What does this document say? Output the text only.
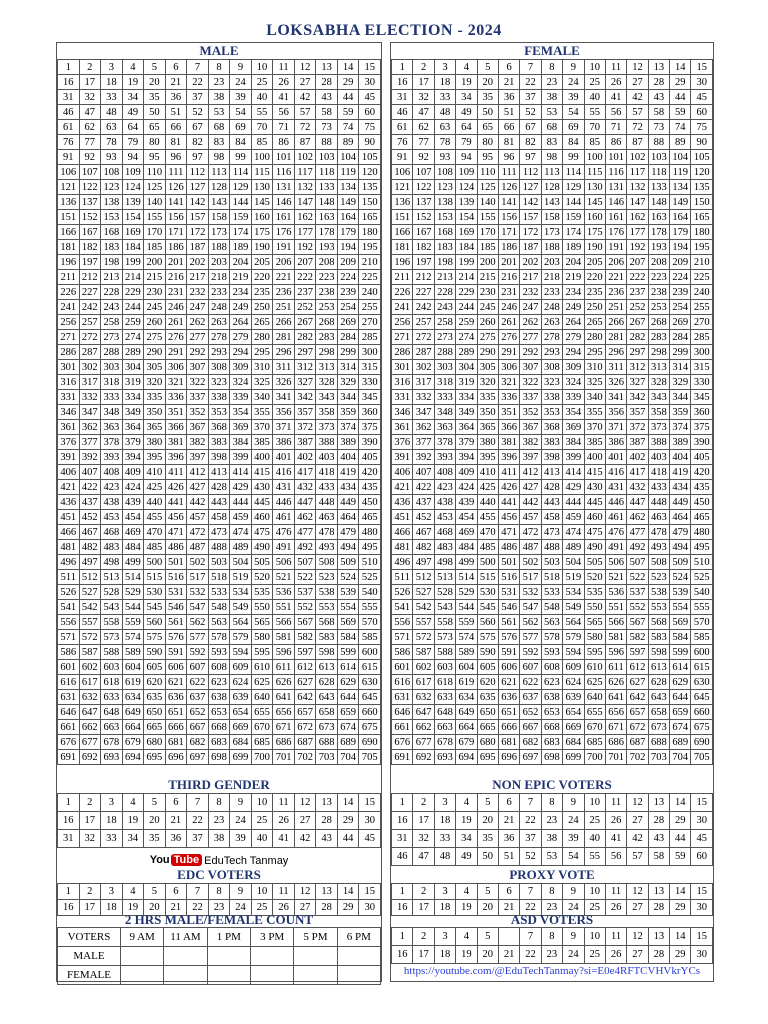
LOKSABHA ELECTION - 2024
MALE
1	2	3	4	5	6	7	8	9	10	11	12	13	14	15
16	17	18	19	20	21	22	23	24	25	26	27	28	29	30
31	32	33	34	35	36	37	38	39	40	41	42	43	44	45
46	47	48	49	50	51	52	53	54	55	56	57	58	59	60
61	62	63	64	65	66	67	68	69	70	71	72	73	74	75
76	77	78	79	80	81	82	83	84	85	86	87	88	89	90
91	92	93	94	95	96	97	98	99	100	101	102	103	104	105
106	107	108	109	110	111	112	113	114	115	116	117	118	119	120
121	122	123	124	125	126	127	128	129	130	131	132	133	134	135
136	137	138	139	140	141	142	143	144	145	146	147	148	149	150
151	152	153	154	155	156	157	158	159	160	161	162	163	164	165
166	167	168	169	170	171	172	173	174	175	176	177	178	179	180
181	182	183	184	185	186	187	188	189	190	191	192	193	194	195
196	197	198	199	200	201	202	203	204	205	206	207	208	209	210
211	212	213	214	215	216	217	218	219	220	221	222	223	224	225
226	227	228	229	230	231	232	233	234	235	236	237	238	239	240
241	242	243	244	245	246	247	248	249	250	251	252	253	254	255
256	257	258	259	260	261	262	263	264	265	266	267	268	269	270
271	272	273	274	275	276	277	278	279	280	281	282	283	284	285
286	287	288	289	290	291	292	293	294	295	296	297	298	299	300
301	302	303	304	305	306	307	308	309	310	311	312	313	314	315
316	317	318	319	320	321	322	323	324	325	326	327	328	329	330
331	332	333	334	335	336	337	338	339	340	341	342	343	344	345
346	347	348	349	350	351	352	353	354	355	356	357	358	359	360
361	362	363	364	365	366	367	368	369	370	371	372	373	374	375
376	377	378	379	380	381	382	383	384	385	386	387	388	389	390
391	392	393	394	395	396	397	398	399	400	401	402	403	404	405
406	407	408	409	410	411	412	413	414	415	416	417	418	419	420
421	422	423	424	425	426	427	428	429	430	431	432	433	434	435
436	437	438	439	440	441	442	443	444	445	446	447	448	449	450
451	452	453	454	455	456	457	458	459	460	461	462	463	464	465
466	467	468	469	470	471	472	473	474	475	476	477	478	479	480
481	482	483	484	485	486	487	488	489	490	491	492	493	494	495
496	497	498	499	500	501	502	503	504	505	506	507	508	509	510
511	512	513	514	515	516	517	518	519	520	521	522	523	524	525
526	527	528	529	530	531	532	533	534	535	536	537	538	539	540
541	542	543	544	545	546	547	548	549	550	551	552	553	554	555
556	557	558	559	560	561	562	563	564	565	566	567	568	569	570
571	572	573	574	575	576	577	578	579	580	581	582	583	584	585
586	587	588	589	590	591	592	593	594	595	596	597	598	599	600
601	602	603	604	605	606	607	608	609	610	611	612	613	614	615
616	617	618	619	620	621	622	623	624	625	626	627	628	629	630
631	632	633	634	635	636	637	638	639	640	641	642	643	644	645
646	647	648	649	650	651	652	653	654	655	656	657	658	659	660
661	662	663	664	665	666	667	668	669	670	671	672	673	674	675
676	677	678	679	680	681	682	683	684	685	686	687	688	689	690
691	692	693	694	695	696	697	698	699	700	701	702	703	704	705
THIRD GENDER
1	2	3	4	5	6	7	8	9	10	11	12	13	14	15
16	17	18	19	20	21	22	23	24	25	26	27	28	29	30
31	32	33	34	35	36	37	38	39	40	41	42	43	44	45
You Tube EduTech Tanmay
EDC VOTERS
1	2	3	4	5	6	7	8	9	10	11	12	13	14	15
16	17	18	19	20	21	22	23	24	25	26	27	28	29	30
2 HRS MALE/FEMALE COUNT
VOTERS	9 AM	11 AM	1 PM	3 PM	5 PM	6 PM
MALE						
FEMALE						
FEMALE
1	2	3	4	5	6	7	8	9	10	11	12	13	14	15
16	17	18	19	20	21	22	23	24	25	26	27	28	29	30
31	32	33	34	35	36	37	38	39	40	41	42	43	44	45
46	47	48	49	50	51	52	53	54	55	56	57	58	59	60
61	62	63	64	65	66	67	68	69	70	71	72	73	74	75
76	77	78	79	80	81	82	83	84	85	86	87	88	89	90
91	92	93	94	95	96	97	98	99	100	101	102	103	104	105
106	107	108	109	110	111	112	113	114	115	116	117	118	119	120
121	122	123	124	125	126	127	128	129	130	131	132	133	134	135
136	137	138	139	140	141	142	143	144	145	146	147	148	149	150
151	152	153	154	155	156	157	158	159	160	161	162	163	164	165
166	167	168	169	170	171	172	173	174	175	176	177	178	179	180
181	182	183	184	185	186	187	188	189	190	191	192	193	194	195
196	197	198	199	200	201	202	203	204	205	206	207	208	209	210
211	212	213	214	215	216	217	218	219	220	221	222	223	224	225
226	227	228	229	230	231	232	233	234	235	236	237	238	239	240
241	242	243	244	245	246	247	248	249	250	251	252	253	254	255
256	257	258	259	260	261	262	263	264	265	266	267	268	269	270
271	272	273	274	275	276	277	278	279	280	281	282	283	284	285
286	287	288	289	290	291	292	293	294	295	296	297	298	299	300
301	302	303	304	305	306	307	308	309	310	311	312	313	314	315
316	317	318	319	320	321	322	323	324	325	326	327	328	329	330
331	332	333	334	335	336	337	338	339	340	341	342	343	344	345
346	347	348	349	350	351	352	353	354	355	356	357	358	359	360
361	362	363	364	365	366	367	368	369	370	371	372	373	374	375
376	377	378	379	380	381	382	383	384	385	386	387	388	389	390
391	392	393	394	395	396	397	398	399	400	401	402	403	404	405
406	407	408	409	410	411	412	413	414	415	416	417	418	419	420
421	422	423	424	425	426	427	428	429	430	431	432	433	434	435
436	437	438	439	440	441	442	443	444	445	446	447	448	449	450
451	452	453	454	455	456	457	458	459	460	461	462	463	464	465
466	467	468	469	470	471	472	473	474	475	476	477	478	479	480
481	482	483	484	485	486	487	488	489	490	491	492	493	494	495
496	497	498	499	500	501	502	503	504	505	506	507	508	509	510
511	512	513	514	515	516	517	518	519	520	521	522	523	524	525
526	527	528	529	530	531	532	533	534	535	536	537	538	539	540
541	542	543	544	545	546	547	548	549	550	551	552	553	554	555
556	557	558	559	560	561	562	563	564	565	566	567	568	569	570
571	572	573	574	575	576	577	578	579	580	581	582	583	584	585
586	587	588	589	590	591	592	593	594	595	596	597	598	599	600
601	602	603	604	605	606	607	608	609	610	611	612	613	614	615
616	617	618	619	620	621	622	623	624	625	626	627	628	629	630
631	632	633	634	635	636	637	638	639	640	641	642	643	644	645
646	647	648	649	650	651	652	653	654	655	656	657	658	659	660
661	662	663	664	665	666	667	668	669	670	671	672	673	674	675
676	677	678	679	680	681	682	683	684	685	686	687	688	689	690
691	692	693	694	695	696	697	698	699	700	701	702	703	704	705
NON EPIC VOTERS
1	2	3	4	5	6	7	8	9	10	11	12	13	14	15
16	17	18	19	20	21	22	23	24	25	26	27	28	29	30
31	32	33	34	35	36	37	38	39	40	41	42	43	44	45
46	47	48	49	50	51	52	53	54	55	56	57	58	59	60
PROXY VOTE
1	2	3	4	5	6	7	8	9	10	11	12	13	14	15
16	17	18	19	20	21	22	23	24	25	26	27	28	29	30
ASD VOTERS
1	2	3	4	5		7	8	9	10	11	12	13	14	15
16	17	18	19	20	21	22	23	24	25	26	27	28	29	30
https://youtube.com/@EduTechTanmay?si=E0e4RFTCVHVkrYCs
